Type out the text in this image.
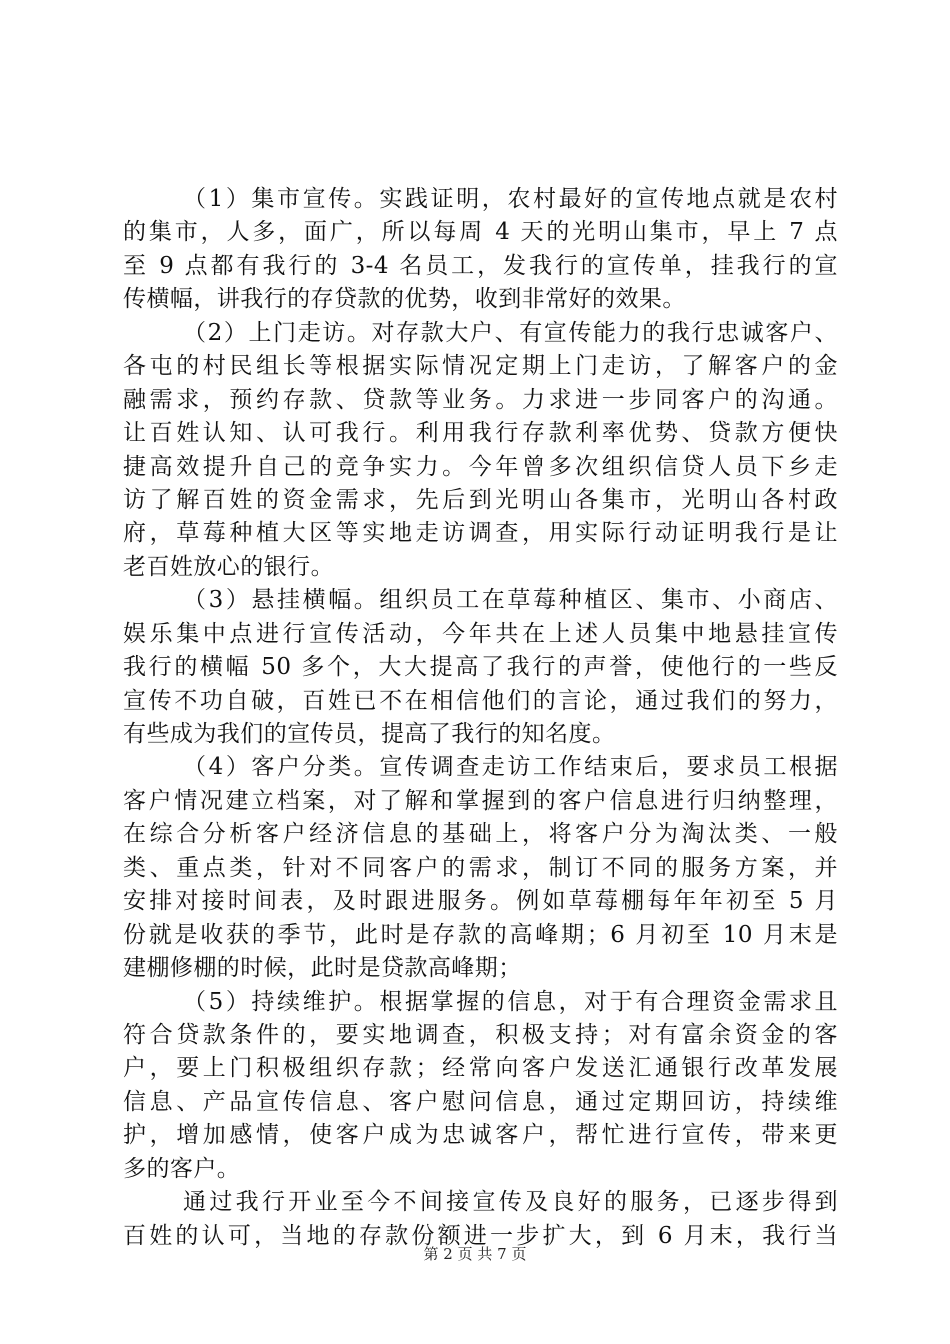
（1）集市宣传。实践证明，农村最好的宣传地点就是农村
的集市，人多，面广，所以每周 4 天的光明山集市，早上 7 点
至 9 点都有我行的 3-4 名员工，发我行的宣传单，挂我行的宣
传横幅，讲我行的存贷款的优势，收到非常好的效果。
（2）上门走访。对存款大户、有宣传能力的我行忠诚客户、
各屯的村民组长等根据实际情况定期上门走访，了解客户的金
融需求，预约存款、贷款等业务。力求进一步同客户的沟通。
让百姓认知、认可我行。利用我行存款利率优势、贷款方便快
捷高效提升自己的竞争实力。今年曾多次组织信贷人员下乡走
访了解百姓的资金需求，先后到光明山各集市，光明山各村政
府，草莓种植大区等实地走访调查，用实际行动证明我行是让
老百姓放心的银行。
（3）悬挂横幅。组织员工在草莓种植区、集市、小商店、
娱乐集中点进行宣传活动，今年共在上述人员集中地悬挂宣传
我行的横幅 50 多个，大大提高了我行的声誉，使他行的一些反
宣传不功自破，百姓已不在相信他们的言论，通过我们的努力，
有些成为我们的宣传员，提高了我行的知名度。
（4）客户分类。宣传调查走访工作结束后，要求员工根据
客户情况建立档案，对了解和掌握到的客户信息进行归纳整理，
在综合分析客户经济信息的基础上，将客户分为淘汰类、一般
类、重点类，针对不同客户的需求，制订不同的服务方案，并
安排对接时间表，及时跟进服务。例如草莓棚每年年初至 5 月
份就是收获的季节，此时是存款的高峰期；6 月初至 10 月末是
建棚修棚的时候，此时是贷款高峰期；
（5）持续维护。根据掌握的信息，对于有合理资金需求且
符合贷款条件的，要实地调查，积极支持；对有富余资金的客
户，要上门积极组织存款；经常向客户发送汇通银行改革发展
信息、产品宣传信息、客户慰问信息，通过定期回访，持续维
护，增加感情，使客户成为忠诚客户，帮忙进行宣传，带来更
多的客户。
通过我行开业至今不间接宣传及良好的服务，已逐步得到
百姓的认可，当地的存款份额进一步扩大，到 6 月末，我行当
第 2 页 共 7 页
